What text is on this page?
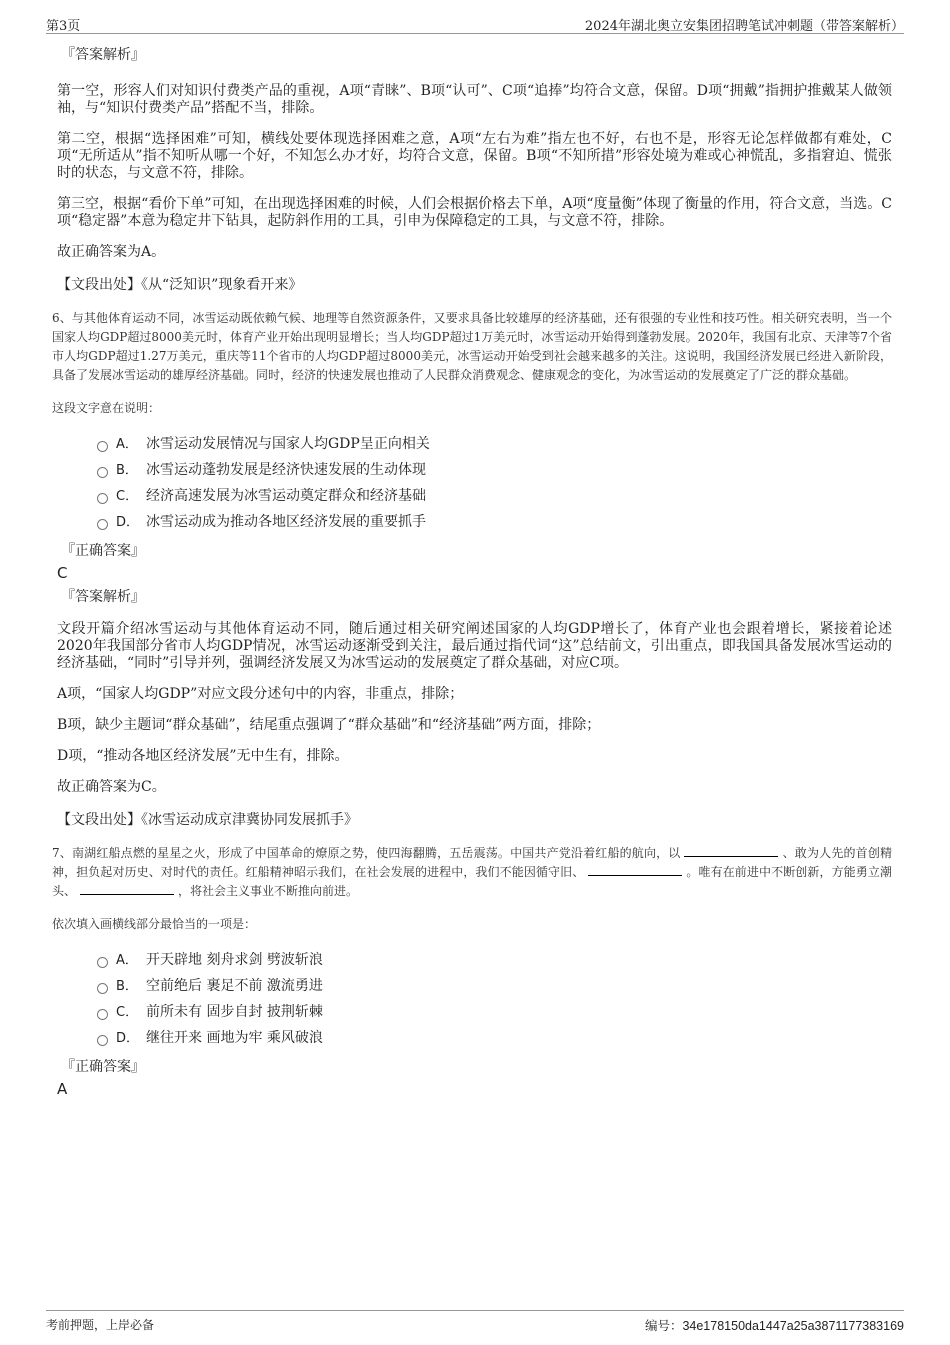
第3页	2024年湖北奥立安集团招聘笔试冲刺题（带答案解析）
『答案解析』
第一空，形容人们对知识付费类产品的重视，A项“青睐”、B项“认可”、C项“追捧”均符合文意，保留。D项“拥戴”指拥护推戴某人做领袖，与“知识付费类产品”搭配不当，排除。
第二空，根据“选择困难”可知，横线处要体现选择困难之意，A项“左右为难”指左也不好，右也不是，形容无论怎样做都有难处，C项“无所适从”指不知听从哪一个好，不知怎么办才好，均符合文意，保留。B项“不知所措”形容处境为难或心神慌乱，多指窘迫、慌张时的状态，与文意不符，排除。
第三空，根据“看价下单”可知，在出现选择困难的时候，人们会根据价格去下单，A项“度量衡”体现了衡量的作用，符合文意，当选。C项“稳定器”本意为稳定井下钻具，起防斜作用的工具，引申为保障稳定的工具，与文意不符，排除。
故正确答案为A。
【文段出处】《从“泛知识”现象看开来》
6、与其他体育运动不同，冰雪运动既依赖气候、地理等自然资源条件，又要求具备比较雄厚的经济基础，还有很强的专业性和技巧性。相关研究表明，当一个国家人均GDP超过8000美元时，体育产业开始出现明显增长；当人均GDP超过1万美元时，冰雪运动开始得到蓬勃发展。2020年，我国有北京、天津等7个省市人均GDP超过1.27万美元，重庆等11个省市的人均GDP超过8000美元，冰雪运动开始受到社会越来越多的关注。这说明，我国经济发展已经进入新阶段，具备了发展冰雪运动的雄厚经济基础。同时，经济的快速发展也推动了人民群众消费观念、健康观念的变化，为冰雪运动的发展奠定了广泛的群众基础。
这段文字意在说明：
A． 冰雪运动发展情况与国家人均GDP呈正向相关
B． 冰雪运动蓬勃发展是经济快速发展的生动体现
C． 经济高速发展为冰雪运动奠定群众和经济基础
D． 冰雪运动成为推动各地区经济发展的重要抓手
『正确答案』
C
『答案解析』
文段开篇介绍冰雪运动与其他体育运动不同，随后通过相关研究阐述国家的人均GDP增长了，体育产业也会跟着增长，紧接着论述2020年我国部分省市人均GDP情况，冰雪运动逐渐受到关注，最后通过指代词“这”总结前文，引出重点，即我国具备发展冰雪运动的经济基础，“同时”引导并列，强调经济发展又为冰雪运动的发展奠定了群众基础，对应C项。
A项，“国家人均GDP”对应文段分述句中的内容，非重点，排除；
B项，缺少主题词“群众基础”，结尾重点强调了“群众基础”和“经济基础”两方面，排除；
D项，“推动各地区经济发展”无中生有，排除。
故正确答案为C。
【文段出处】《冰雪运动成京津冀协同发展抓手》
7、南湖红船点燃的星星之火，形成了中国革命的燎原之势，使四海翻腾，五岳震荡。中国共产党沿着红船的航向，以	、敢为人先的首创精神，担负起对历史、对时代的责任。红船精神昭示我们，在社会发展的进程中，我们不能因循守旧、	。唯有在前进中不断创新，方能勇立潮头、	，将社会主义事业不断推向前进。
依次填入画横线部分最恰当的一项是：
A． 开天辟地 刻舟求剑 劈波斩浪
B． 空前绝后 裹足不前 激流勇进
C． 前所未有 固步自封 披荆斩棘
D． 继往开来 画地为牢 乘风破浪
『正确答案』
A
考前押题，上岸必备	编号：34e178150da1447a25a3871177383169
